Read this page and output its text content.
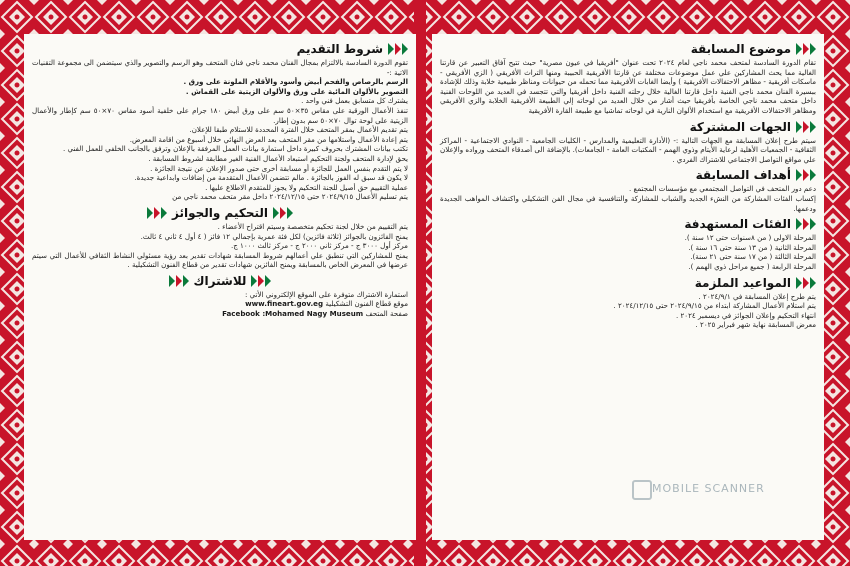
موضوع المسابقة

تقام الدورة السادسة لمتحف محمد ناجي لعام ٢٠٢٤ تحت عنوان "أفريقيا في عيون مصرية" حيث تتيح آفاق التعبير عن قارتنا الغالية مما يحث المشاركين علي عمل موضوعات مختلفة عن قارتنا الأفريقية الحبيبة ومنها التراث الأفريقي ( الزي الأفريقي - ماسكات أفريقية - مظاهر الاحتفالات الأفريقية ) وأيضا الغابات الأفريقية مما تحمله من حيوانات ومناظر طبيعية خلابة وذلك للإشادة ببسيرة الفنان محمد ناجي الفنية داخل قارتنا الغالية خلال رحلته الفنية داخل أفريقيا والتي تتجسد في العديد من اللوحات الفنية داخل متحف محمد ناجي الخاصة بأفريقيا حيث أشار من خلال العديد من لوحاته إلي الطبيعة الأفريقية الخلابة والزي الأفريقي ومظاهر الاحتفالات الأفريقية مع استخدام الألوان النارية في لوحاته تماشيا مع طبيعة القارة الأفريقية

الجهات المشتركة

سيتم طرح إعلان المسابقة مع الجهات التالية :- (الأدارة التعليمية والمدارس - الكليات الجامعية - النوادي الاجتماعية - المراكز الثقافية - الجمعيات الأهلية لرعاية الأيتام وذوي الهمم - المكتبات العامة - الجامعات). بالإضافة الى أصدقاء المتحف ورواده والإعلان علي مواقع التواصل الاجتماعي للاشتراك الفردي .

أهداف المسابقة

دعم دور المتحف في التواصل المجتمعي مع مؤسسات المجتمع .
إكساب الفئات المشاركة من النشء الجديد والشباب للمشاركة والتنافسية في مجال الفن التشكيلي واكتشاف المواهب الجديدة ودعمها.

الفئات المستهدفة

المرحلة الاولى ( من ٨سنوات حتى ١٢ سنة ).
المرحلة الثانية ( من ١٣ سنة حتى ١٦ سنة ).
المرحلة الثالثة ( من ١٧ سنة حتى ٢١ سنة).
المرحلة الرابعة ( جميع مراحل ذوي الهمم ).

المواعيد الملزمة

يتم طرح إعلان المسابقة في ٢٠٢٤/٩/١ .
يتم استلام الأعمال المشاركة ابتداء من ٢٠٢٤/٩/١٥ حتى ٢٠٢٤/١٢/١٥ .
انتهاء التحكيم وإعلان الجوائز في ديسمبر ٢٠٢٤ .
معرض المسابقة نهاية شهر فبراير ٢٠٢٥ .

شروط التقديم

تقوم الدورة السادسة بالالتزام بمجال الفنان محمد ناجي فنان المتحف وهو الرسم والتصوير والذي سيتضمن الى مجموعة التقنيات الاتية :-
الرسم بالرصاص والفحم أبيض وأسود والأقلام الملونة على ورق .
التصوير بالألوان المائية على ورق والألوان الزيتية على القماش .
يشترك كل متسابق بعمل فني واحد .
تنفذ الأعمال الورقية على مقاس ٣٥×٥٠ سم على ورق أبيض ١٨٠ جرام على خلفية أسود مقاس ٧٠×٥٠ سم كإطار والأعمال الزيتية على لوحة توال ٧٠×٥٠ سم بدون إطار.
يتم تقديم الأعمال بمقر المتحف خلال الفترة المحددة للاستلام طبقا للإعلان.
يتم إعادة الأعمال واستلامها من مقر المتحف بعد العرض النهائي خلال أسبوع من اقامة المعرض.
تكتب بيانات المشترك بحروف كبيرة داخل استمارة بيانات العمل المرفقة بالإعلان وترفق بالجانب الخلفي للعمل الفني .
يحق لإدارة المتحف ولجنة التحكيم استبعاد الأعمال الفنية الغير مطابقة لشروط المسابقة .
لا يتم التقدم بنفس العمل للجائزة أو مسابقة أخرى حتى صدور الإعلان عن نتيجة الجائزة .
لا يكون قد سبق له الفوز بالجائزة . مالم تتضمن الأعمال المتقدمة من إضافات وابداعية جديدة.
عملية التقييم حق أصيل للجنة التحكيم ولا يجوز للمتقدم الاطلاع عليها .
يتم تسليم الأعمال ٢٠٢٤/٩/١٥ حتى ٢٠٢٤/١٢/١٥ داخل مقر متحف محمد ناجي من

التحكيم والجوائز

يتم التقييم من خلال لجنة تحكيم متخصصة وسيتم اقتراح الأعضاء .
يمنح الفائزون بالجوائز (ثلاثة فائزين) لكل فئة عمرية بإجمالي ١٢ فائز ( ٤ أول ٤ ثاني ٤ ثالث.
مركز أول ٣٠٠٠ ج - مركز ثاني ٢٠٠٠ ج - مركز ثالث ١٠٠٠ ج.
يمنح للمشاركين التي تنطبق علي أعمالهم شروط المسابقة شهادات تقدير بعد رؤية مسئولي النشاط الثقافي للأعمال التي سيتم عرضها في المعرض الخاص بالمسابقة ويمنح الفائزين شهادات تقدير من قطاع الفنون التشكيلية .

للاشتراك

استمارة الاشتراك متوفرة على الموقع الإلكتروني الأتي :
موقع قطاع الفنون التشكيلية www.fineart.gov.eg
صفحة المتحف Facebook :Mohamed Nagy Museum

MOBILE SCANNER
